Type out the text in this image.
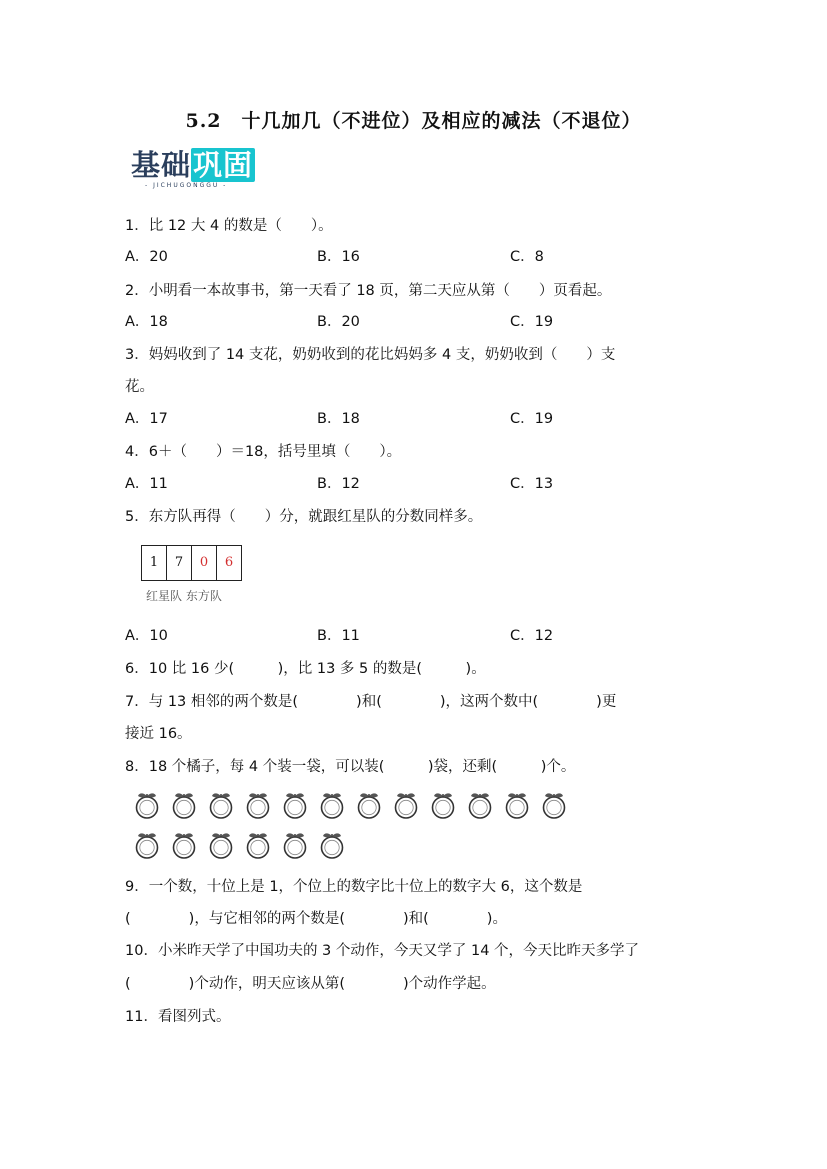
5.2　十几加几（不进位）及相应的减法（不退位）
基础巩固
- JICHUGONGGU -
1．比 12 大 4 的数是（　　）。
A．20	B．16	C．8
2．小明看一本故事书，第一天看了 18 页，第二天应从第（　　）页看起。
A．18	B．20	C．19
3．妈妈收到了 14 支花，奶奶收到的花比妈妈多 4 支，奶奶收到（　　）支
花。
A．17	B．18	C．19
4．6＋（　　）＝18，括号里填（　　）。
A．11	B．12	C．13
5．东方队再得（　　）分，就跟红星队的分数同样多。
1	7	0	6
红星队 东方队
A．10	B．11	C．12
6．10 比 16 少(　　　)，比 13 多 5 的数是(　　　)。
7．与 13 相邻的两个数是(　　　　)和(　　　　)，这两个数中(　　　　)更
接近 16。
8．18 个橘子，每 4 个装一袋，可以装(　　　)袋，还剩(　　　)个。
9．一个数，十位上是 1，个位上的数字比十位上的数字大 6，这个数是
(　　　　)，与它相邻的两个数是(　　　　)和(　　　　)。
10．小米昨天学了中国功夫的 3 个动作，今天又学了 14 个，今天比昨天多学了
(　　　　)个动作，明天应该从第(　　　　)个动作学起。
11．看图列式。
